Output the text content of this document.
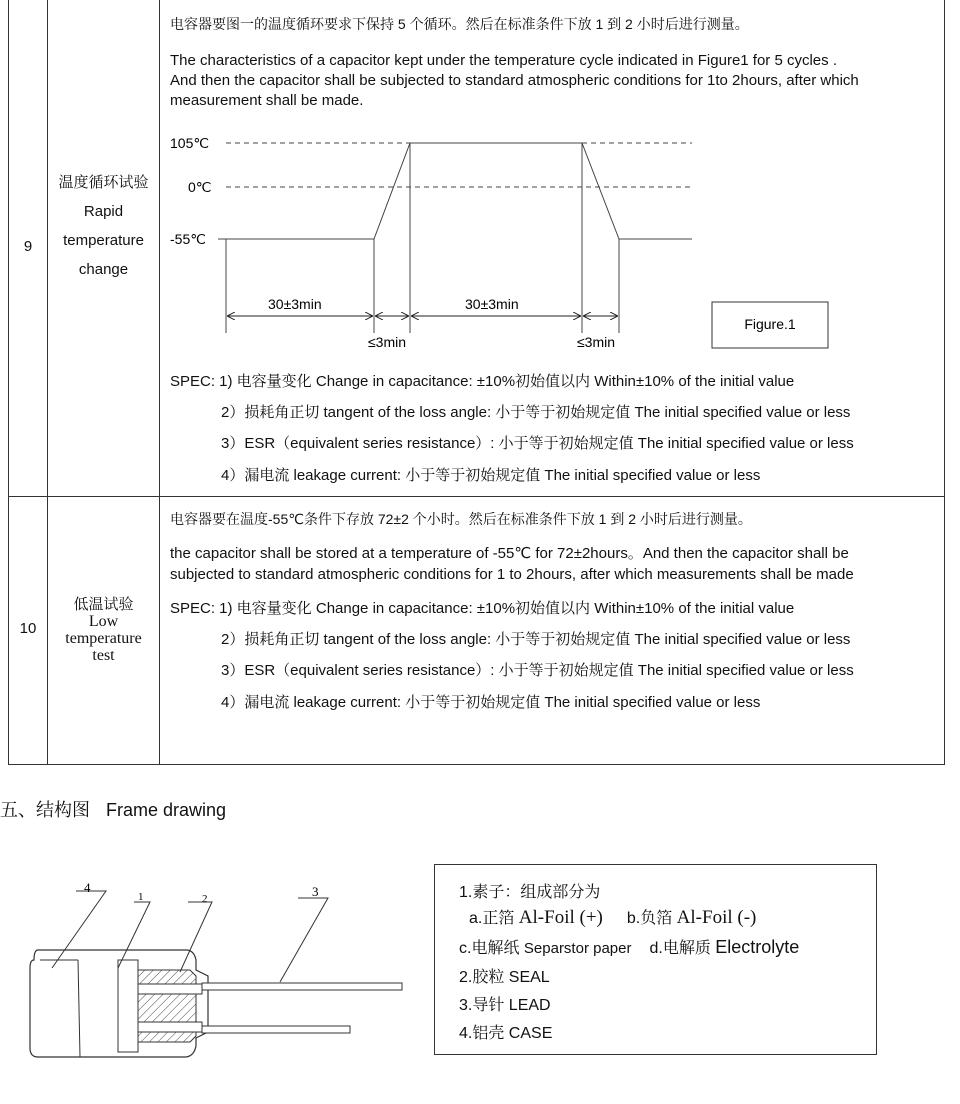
9
温度循环试验
Rapid
temperature
change
电容器要图一的温度循环要求下保持 5 个循环。然后在标准条件下放 1 到 2 小时后进行测量。
The characteristics of a capacitor kept under the temperature cycle indicated in Figure1 for 5 cycles .
And then the capacitor shall be subjected to standard atmospheric conditions for 1to 2hours, after which
measurement shall be made.
SPEC: 1) 电容量变化 Change in capacitance: ±10%初始值以内 Within±10% of the initial value
2）损耗角正切 tangent of the loss angle: 小于等于初始规定值 The initial specified value or less
3）ESR（equivalent series resistance）: 小于等于初始规定值 The initial specified value or less
4）漏电流 leakage current: 小于等于初始规定值 The initial specified value or less
10
低温试验
Low
temperature
test
电容器要在温度-55℃条件下存放 72±2 个小时。然后在标准条件下放 1 到 2 小时后进行测量。
the capacitor shall be stored at a temperature of -55℃ for 72±2hours。And then the capacitor shall be
subjected to standard atmospheric conditions for 1 to 2hours, after which measurements shall be made
SPEC: 1) 电容量变化 Change in capacitance: ±10%初始值以内 Within±10% of the initial value
2）损耗角正切 tangent of the loss angle: 小于等于初始规定值 The initial specified value or less
3）ESR（equivalent series resistance）: 小于等于初始规定值 The initial specified value or less
4）漏电流 leakage current: 小于等于初始规定值 The initial specified value or less
105℃
0℃
-55℃
30±3min	30±3min
≤3min	≤3min
Figure.1
五、结构图 Frame drawing
4
1	2	3	1.素子：组成部分为
a.正箔 Al-Foil (+) b.负箔 Al-Foil (-)
c.电解纸 Separstor paper d.电解质 Electrolyte
2.胶粒 SEAL
3.导针 LEAD
4.铝壳 CASE
